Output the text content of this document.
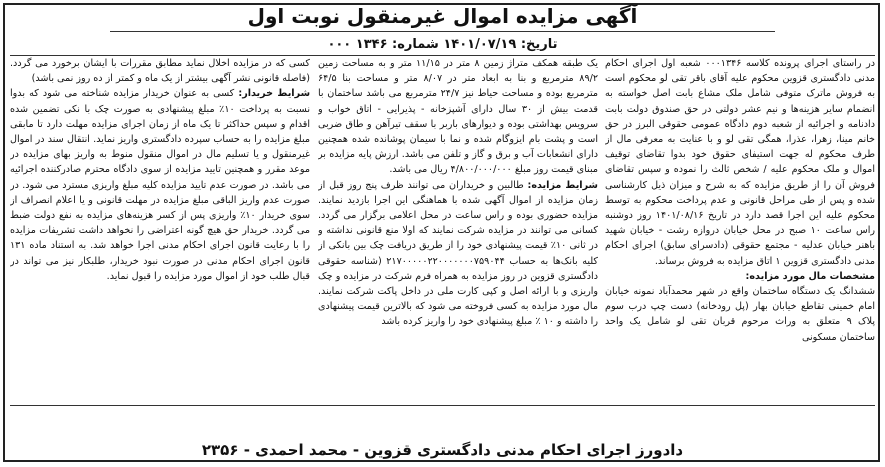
آگهی مزایده اموال غیرمنقول نوبت اول
تاریخ: ۱۴۰۱/۰۷/۱۹ شماره: ۱۳۴۶ ۰۰۰

در راستای اجرای پرونده کلاسه ۰۰۰۱۳۴۶ شعبه اول اجرای احکام مدنی دادگستری قزوین محکوم علیه آقای باقر تقی لو محکوم است به فروش ماترک متوفی شامل ملک مشاع بابت اصل خواسته به انضمام سایر هزینه‌ها و نیم عشر دولتی در حق صندوق دولت بابت دادنامه و اجرائیه از شعبه دوم دادگاه عمومی حقوقی البرز در حق خانم مینا، زهرا، عذرا، همگی تقی لو و با عنایت به معرفی مال از طرف محکوم له جهت استیفای حقوق خود بدوا تقاضای توقیف اموال و ملک محکوم علیه / شخص ثالث را نموده و سپس تقاضای فروش آن را از طریق مزایده که به شرح و میزان ذیل کارشناسی شده و پس از طی مراحل قانونی و عدم پرداخت محکوم به توسط محکوم علیه این اجرا قصد دارد در تاریخ ۱۴۰۱/۰۸/۱۶ روز دوشنبه راس ساعت ۱۰ صبح در محل خیابان دروازه رشت - خیابان شهید باهنر خیابان عدلیه - مجتمع حقوقی (دادسرای سابق) اجرای احکام مدنی دادگستری قزوین ۱ اتاق مزایده به فروش برساند.

مشخصات مال مورد مزایده:

ششدانگ یک دستگاه ساختمان واقع در شهر محمدآباد نمونه خیابان امام خمینی تقاطع خیابان بهار (پل رودخانه) دست چپ درب سوم پلاک ۹ متعلق به وراث مرحوم قربان تقی لو شامل یک واحد ساختمان مسکونی

یک طبقه همکف متراژ زمین ۸ متر در ۱۱/۱۵ متر و به مساحت زمین ۸۹/۲ مترمربع و بنا به ابعاد متر در ۸/۰۷ متر و مساحت بنا ۶۴/۵ مترمربع بوده و مساحت حیاط نیز ۲۴/۷ مترمربع می باشد ساختمان با قدمت بیش از ۳۰ سال دارای آشپزخانه - پذیرایی - اتاق خواب و سرویس بهداشتی بوده و دیوارهای باربر با سقف تیرآهن و طاق ضربی است و پشت بام ایزوگام شده و نما با سیمان پوشانده شده همچنین دارای انشعابات آب و برق و گاز و تلفن می باشد. ارزش پایه مزایده بر مبنای قیمت روز مبلغ ۴/۸۰۰/۰۰۰/۰۰۰ ریال می باشد.

شرایط مزایده: طالبین و خریداران می توانند ظرف پنج روز قبل از زمان مزایده از اموال آگهی شده با هماهنگی این اجرا بازدید نمایند. مزایده حضوری بوده و راس ساعت در محل اعلامی برگزار می گردد. کسانی می توانند در مزایده شرکت نمایند که اولا منع قانونی نداشته و در ثانی ۱۰٪ قیمت پیشنهادی خود را از طریق دریافت چک بین بانکی از کلیه بانک‌ها به حساب ۲۱۷۰۰۰۰۰۲۲۰۰۰۰۰۰۰۷۵۹۰۴۴ (شناسه حقوقی دادگستری قزوین در روز مزایده به همراه فرم شرکت در مزایده و چک واریزی و با ارائه اصل و کپی کارت ملی در داخل پاکت شرکت نمایند. مال مورد مزایده به کسی فروخته می شود که بالاترین قیمت پیشنهادی را داشته و ۱۰ ٪ مبلغ پیشنهادی خود را واریز کرده باشد

کسی که در مزایده اخلال نماید مطابق مقررات با ایشان برخورد می گردد. (فاصله قانونی نشر آگهی بیشتر از یک ماه و کمتر از ده روز نمی باشد)

شرایط خریدار: کسی به عنوان خریدار مزایده شناخته می شود که بدوا نسبت به پرداخت ۱۰٪ مبلغ پیشنهادی به صورت چک با نکی تضمین شده اقدام و سپس حداکثر تا یک ماه از زمان اجرای مزایده مهلت دارد تا مابقی مبلغ مزایده را به حساب سپرده دادگستری واریز نماید. انتقال سند در اموال غیرمنقول و یا تسلیم مال در اموال منقول منوط به واریز بهای مزایده در موعد مقرر و همچنین تایید مزایده از سوی دادگاه محترم صادرکننده اجرائیه می باشد. در صورت عدم تایید مزایده کلیه مبلغ واریزی مسترد می شود. در صورت عدم واریز الباقی مبلغ مزایده در مهلت قانونی و یا اعلام انصراف از سوی خریدار ۱۰٪ واریزی پس از کسر هزینه‌های مزایده به نفع دولت ضبط می گردد. خریدار حق هیچ گونه اعتراضی را نخواهد داشت تشریفات مزایده را با رعایت قانون اجرای احکام مدنی اجرا خواهد شد. به استناد ماده ۱۳۱ قانون اجرای احکام مدنی در صورت نبود خریدار، طلبکار نیز می تواند در قبال طلب خود از اموال مورد مزایده را قبول نماید.

دادورز اجرای احکام مدنی دادگستری قزوین - محمد احمدی - ۲۳۵۶
